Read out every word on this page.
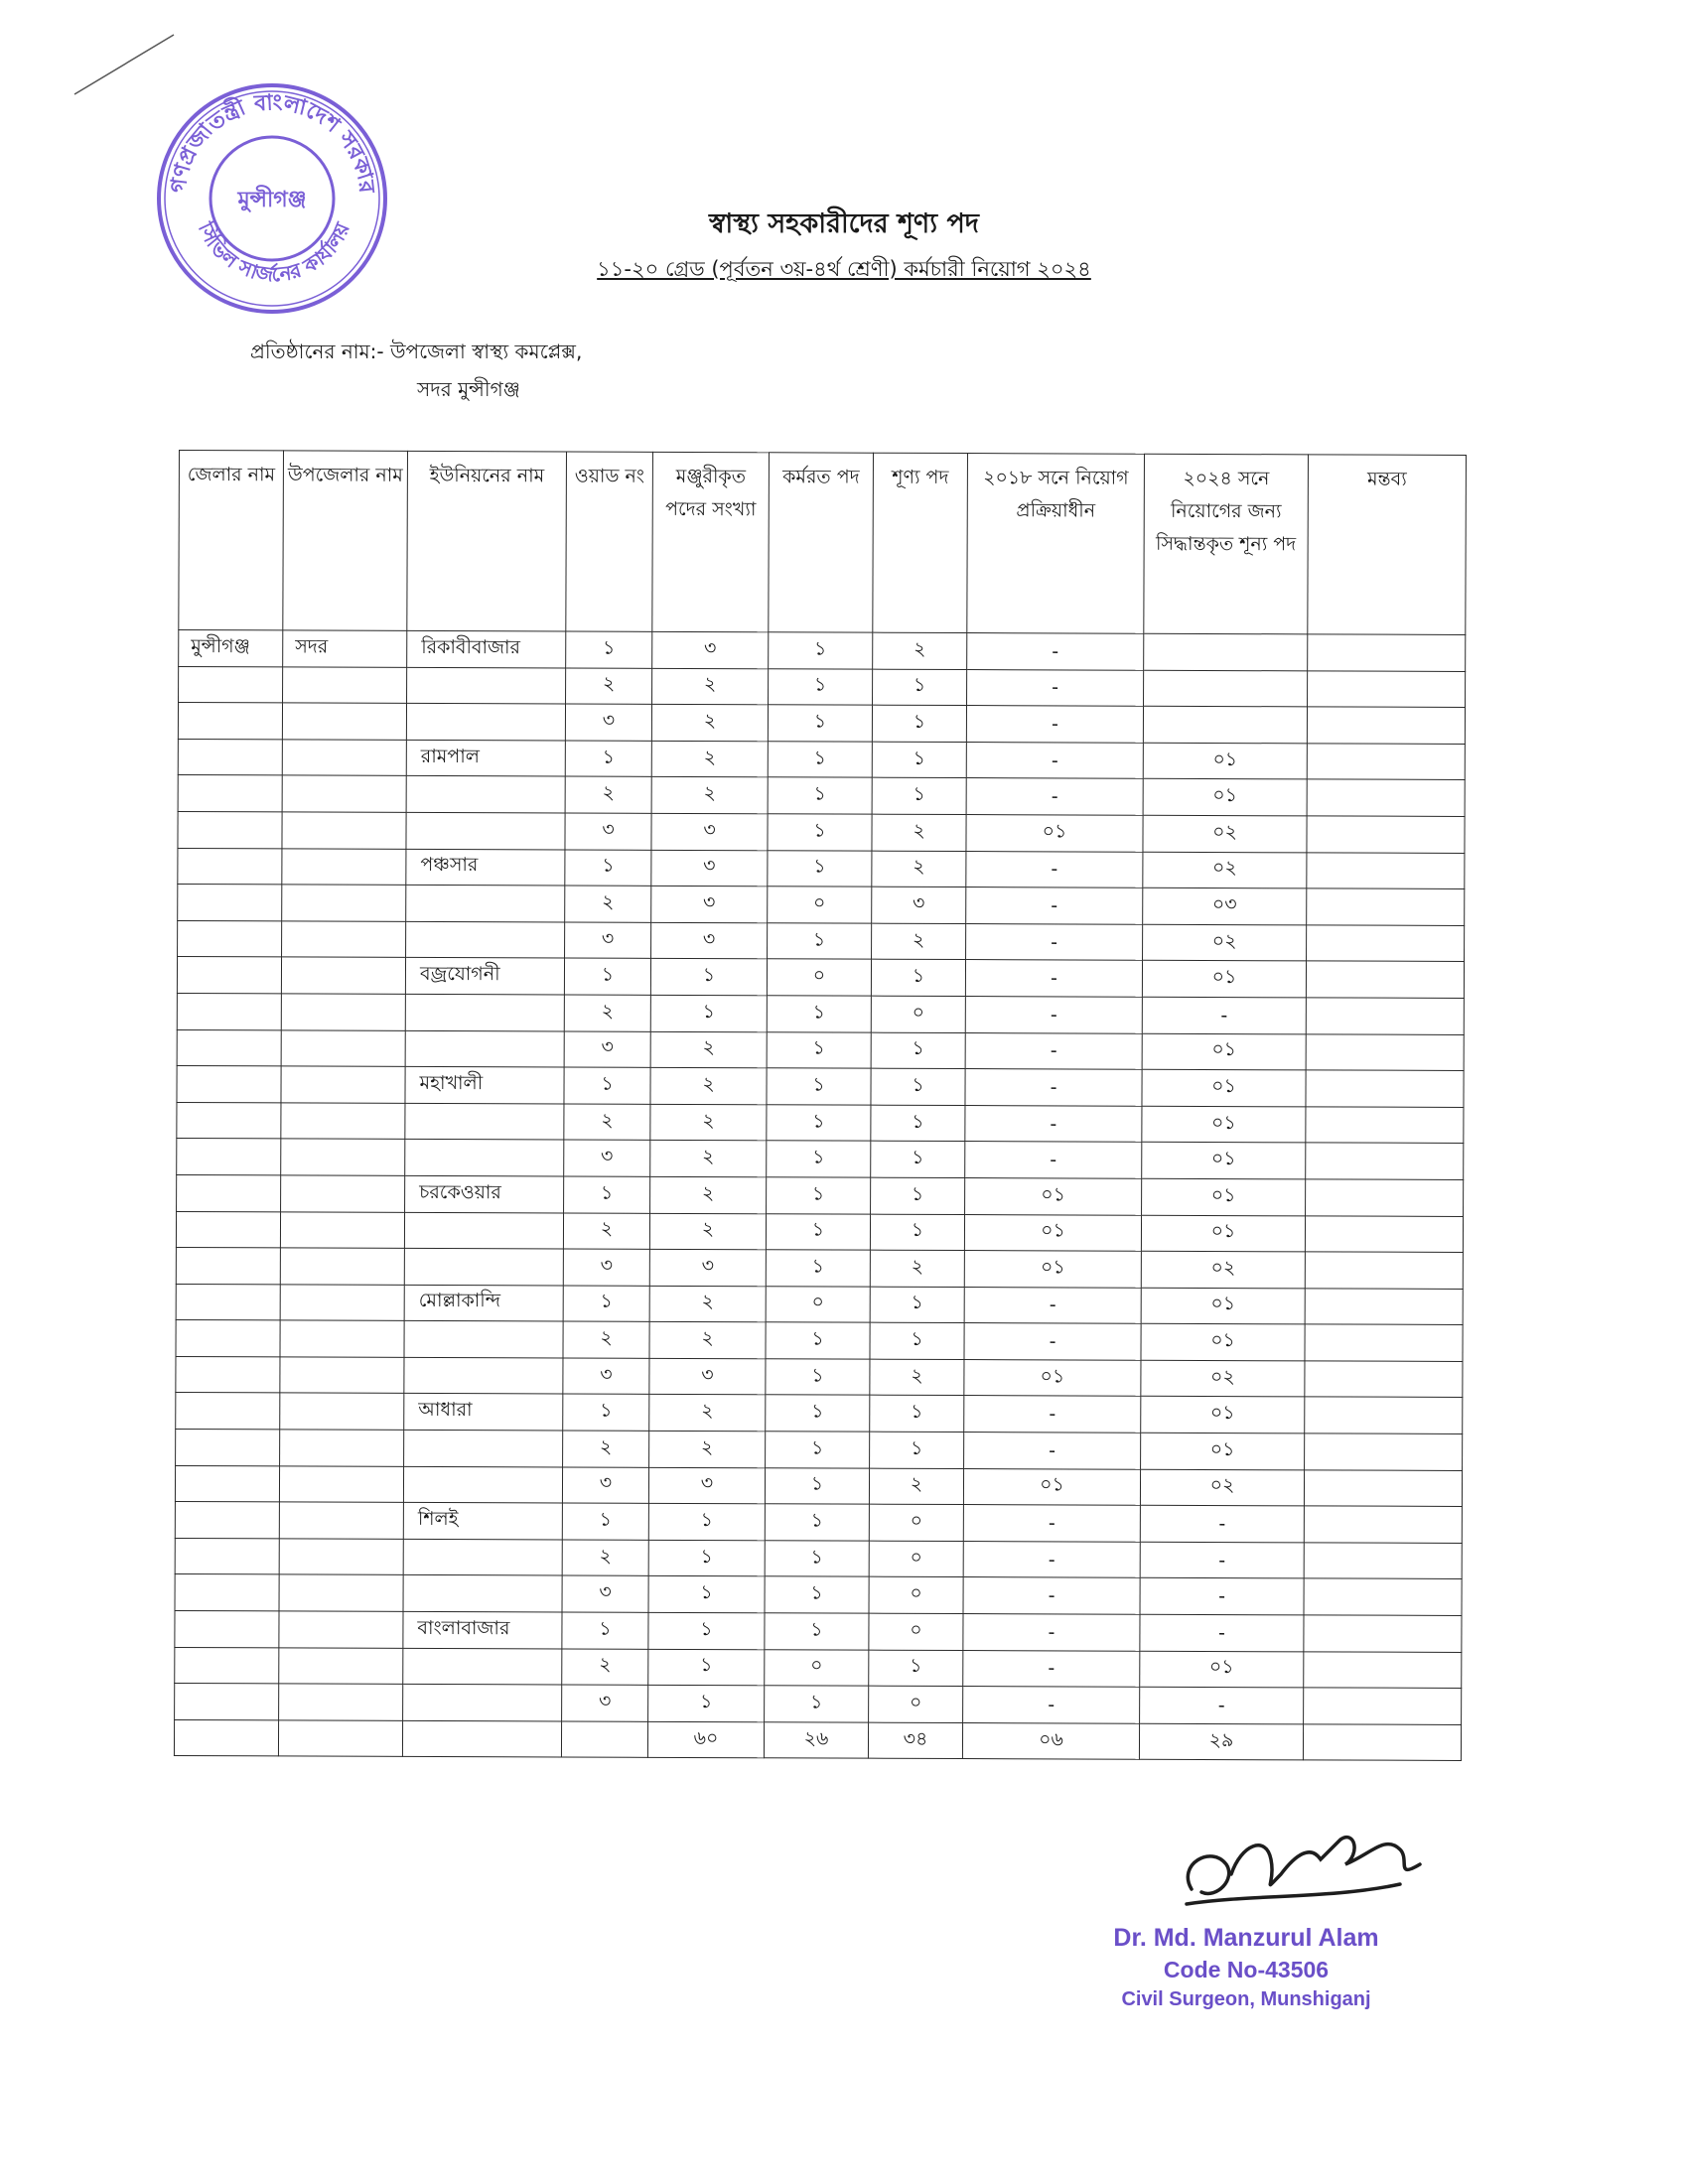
গণপ্রজাতন্ত্রী বাংলাদেশ সরকার
সিভিল সার্জনের কার্যালয়
মুন্সীগঞ্জ
স্বাস্থ্য সহকারীদের শূণ্য পদ
১১-২০ গ্রেড (পূর্বতন ৩য়-৪র্থ শ্রেণী) কর্মচারী নিয়োগ ২০২৪
প্রতিষ্ঠানের নাম:- উপজেলা স্বাস্থ্য কমপ্লেক্স,
সদর মুন্সীগঞ্জ
জেলার নাম	উপজেলার নাম	ইউনিয়নের নাম	ওয়াড নং	মঞ্জুরীকৃত পদের সংখ্যা	কর্মরত পদ	শূণ্য পদ	২০১৮ সনে নিয়োগ প্রক্রিয়াধীন	২০২৪ সনে নিয়োগের জন্য সিদ্ধান্তকৃত শূন্য পদ	মন্তব্য
মুন্সীগঞ্জ	সদর	রিকাবীবাজার	১	৩	১	২	-		
			২	২	১	১	-		
			৩	২	১	১	-		
		রামপাল	১	২	১	১	-	০১	
			২	২	১	১	-	০১	
			৩	৩	১	২	০১	০২	
		পঞ্চসার	১	৩	১	২	-	০২	
			২	৩	০	৩	-	০৩	
			৩	৩	১	২	-	০২	
		বজ্রযোগনী	১	১	০	১	-	০১	
			২	১	১	০	-	-	
			৩	২	১	১	-	০১	
		মহাখালী	১	২	১	১	-	০১	
			২	২	১	১	-	০১	
			৩	২	১	১	-	০১	
		চরকেওয়ার	১	২	১	১	০১	০১	
			২	২	১	১	০১	০১	
			৩	৩	১	২	০১	০২	
		মোল্লাকান্দি	১	২	০	১	-	০১	
			২	২	১	১	-	০১	
			৩	৩	১	২	০১	০২	
		আধারা	১	২	১	১	-	০১	
			২	২	১	১	-	০১	
			৩	৩	১	২	০১	০২	
		শিলই	১	১	১	০	-	-	
			২	১	১	০	-	-	
			৩	১	১	০	-	-	
		বাংলাবাজার	১	১	১	০	-	-	
			২	১	০	১	-	০১	
			৩	১	১	০	-	-	
				৬০	২৬	৩৪	০৬	২৯	
Dr. Md. Manzurul Alam
Code No-43506
Civil Surgeon, Munshiganj
